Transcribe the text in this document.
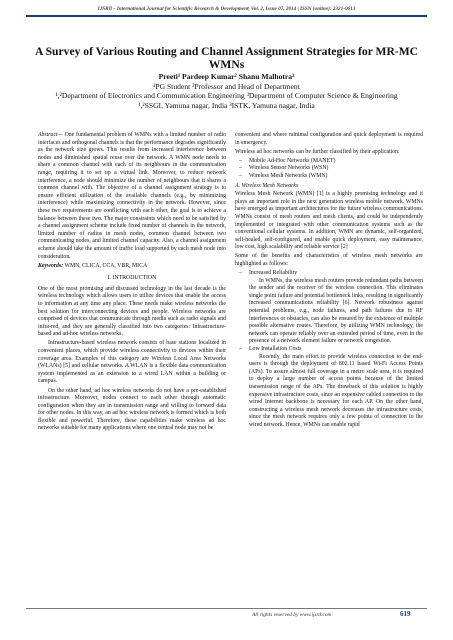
IJSRD - International Journal for Scientific Research & Development| Vol. 2, Issue 07, 2014 | ISSN (online): 2321-0613
A Survey of Various Routing and Channel Assignment Strategies for MR-MC WMNs
Preeti¹ Pardeep Kumar² Shanu Malhotra³
¹PG Student ²Professor and Head of Department
¹,²Department of Electronics and Communication Engineering ³Department of Computer Science & Engineering
¹,²SSGI, Yamuna nagar, India ³ISTK, Yamuna nagar, India

Abstract— One fundamental problem of WMNs with a limited number of radio interfaces and orthogonal channels is that the performance degrades significantly as the network size grows. This results from increased interference between nodes and diminished spatial reuse over the network. A WMN node needs to share a common channel with each of its neighbours in the communication range, requiring it to set up a virtual link. Moreover, to reduce network interference, a node should minimize the number of neighbours that it shares a common channel with. The objective of a channel assignment strategy is to ensure efficient utilization of the available channels (e.g., by minimizing interference) while maximizing connectivity in the network. However, since these two requirements are conflicting with each other, the goal is to achieve a balance between these two. The major constraints which need to be satisfied by a channel assignment scheme include fixed number of channels in the network, limited number of radios in mesh nodes, common channel between two communicating nodes, and limited channel capacity. Also, a channel assignment scheme should take the amount of traffic load supported by each mesh node into consideration.

Keywords: WMN, CLICA, CCA, VBR, MICA

I. INTRODUCTION

One of the most promising and discussed technology in the last decade is the wireless technology which allows users to utilize devices that enable the access to information at any time any place. These needs make wireless networks the best solution for interconnecting devices and people. Wireless networks are comprised of devices that communicate through media such as radio signals and infra-red, and they are generally classified into two categories: Infrastructure-based and ad-hoc wireless networks.

Infrastructure-based wireless network consists of base stations localized in convenient places, which provide wireless connectivity to devices within their coverage area. Examples of this category are Wireless Local Area Networks (WLANs) [5] and cellular networks. A WLAN is a flexible data communication system implemented as an extension to a wired LAN within a building or campus.

On the other hand, ad hoc wireless networks do not have a pre-established infrastructure. Moreover, nodes connect to each other through automatic configuration when they are in transmission range and willing to forward data for other nodes. In this way, an ad hoc wireless network is formed which is both flexible and powerful. Therefore, these capabilities make wireless ad hoc networks suitable for many applications where one central node may not be

convenient and where minimal configuration and quick deployment is required in emergency.

Wireless ad hoc networks can be further classified by their application:

– Mobile Ad-Hoc Networks (MANET)
– Wireless Sensor Networks (WSN)
– Wireless Mesh Networks (WMN)
A. Wireless Mesh Networks

Wireless Mesh Network (WMN) [1] is a highly promising technology and it plays an important role in the next generation wireless mobile network. WMNs have emerged as important architectures for the future wireless communications. WMNs consist of mesh routers and mesh clients, and could be independently implemented or integrated with other communication systems such as the conventional cellular systems. In addition, WMN are dynamic, self-organized, self-healed, self-configured, and enable quick deployment, easy maintenance, low cost, high scalability and reliable service [2]

Some of the benefits and characteristics of wireless mesh networks are highlighted as follows:

– Increased Reliability
In WMNs, the wireless mesh routers provide redundant paths between the sender and the receiver of the wireless connection. This eliminates single point failure and potential bottleneck links, resulting in significantly increased communications reliability [6]. Network robustness against potential problems, e.g., node failures, and path failures due to RF interferences or obstacles, can also be ensured by the existence of multiple possible alternative routes. Therefore, by utilizing WMN technology, the network can operate reliably over an extended period of time, even in the presence of a network element failure or network congestion.
– Low Installation Costs
Recently, the main effort to provide wireless connection to the end-users is through the deployment of 802.11 based Wi-Fi Access Points (APs). To assure almost full coverage in a metro scale area, it is required to deploy a large number of access points because of the limited transmission range of the APs. The drawback of this solution is highly expensive infrastructure costs, since an expensive cabled connection to the wired Internet backbone is necessary for each AP. On the other hand, constructing a wireless mesh network decreases the infrastructure costs, since the mesh network requires only a few points of connection to the wired network. Hence, WMNs can enable rapid
All rights reserved by www.ijsrd.com	619
